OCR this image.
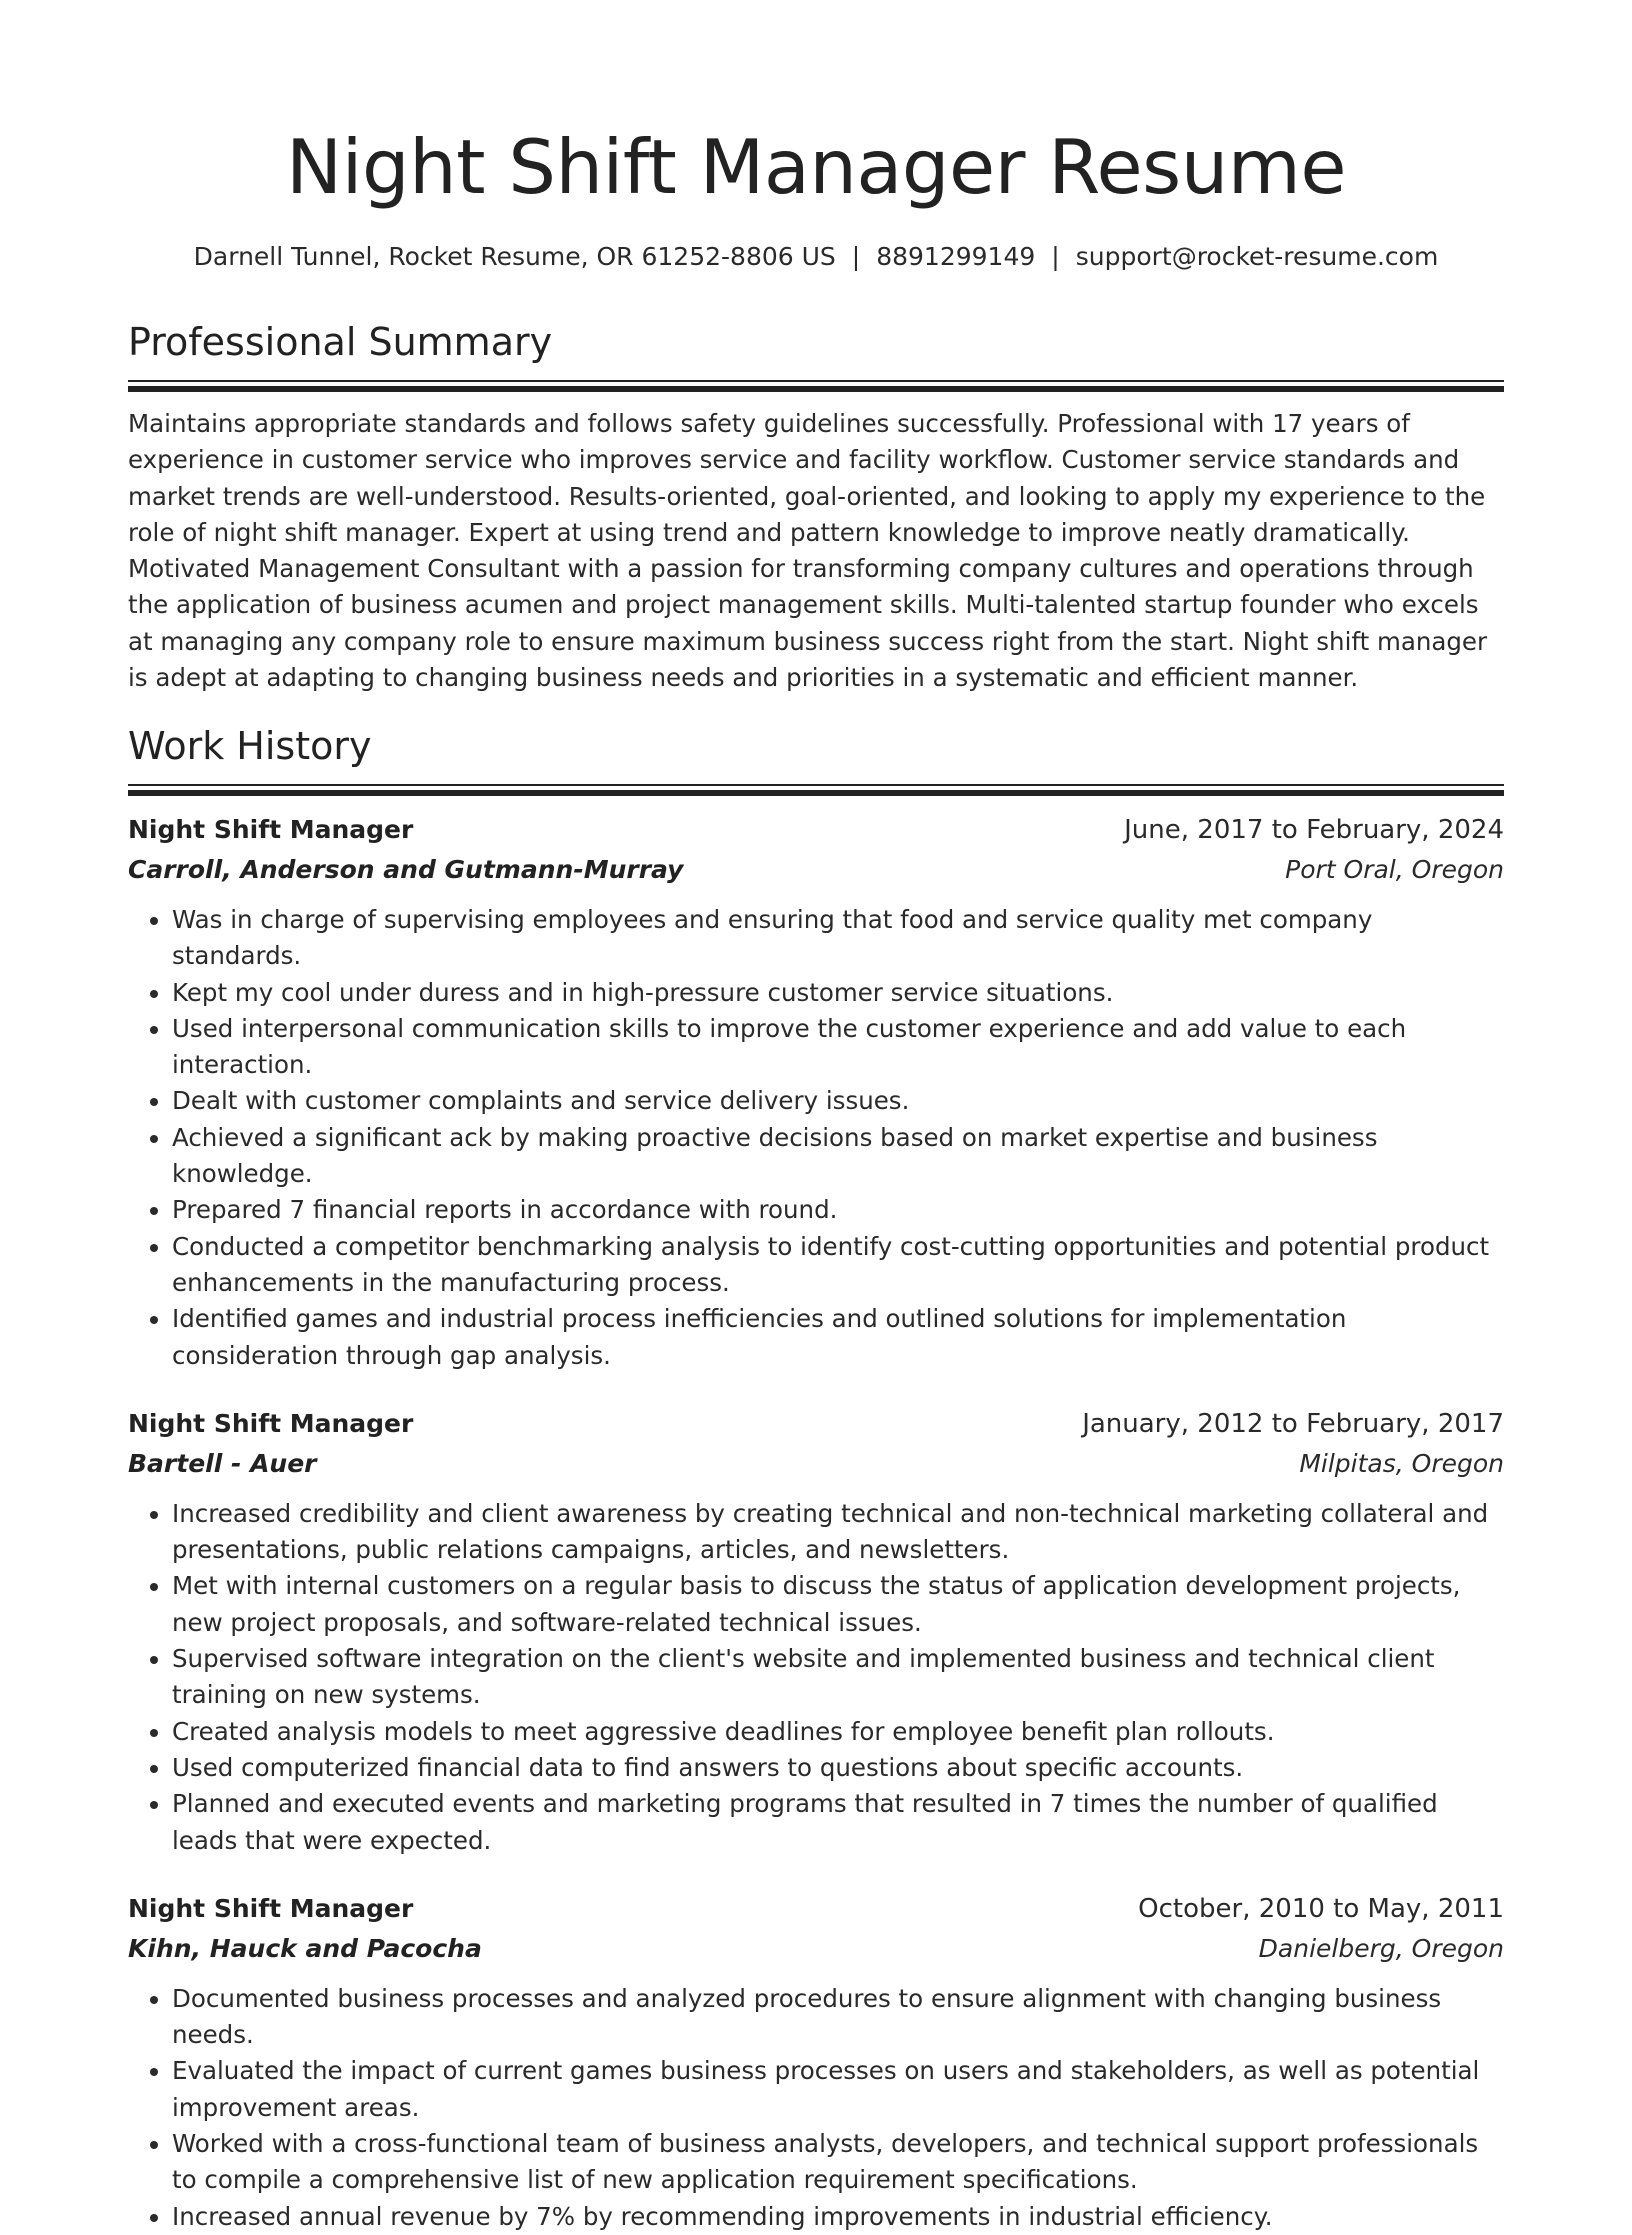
Night Shift Manager Resume
Darnell Tunnel, Rocket Resume, OR 61252-8806 US | 8891299149 | support@rocket-resume.com
Professional Summary
Maintains appropriate standards and follows safety guidelines successfully. Professional with 17 years of experience in customer service who improves service and facility workflow. Customer service standards and market trends are well-understood. Results-oriented, goal-oriented, and looking to apply my experience to the role of night shift manager. Expert at using trend and pattern knowledge to improve neatly dramatically. Motivated Management Consultant with a passion for transforming company cultures and operations through the application of business acumen and project management skills. Multi-talented startup founder who excels at managing any company role to ensure maximum business success right from the start. Night shift manager is adept at adapting to changing business needs and priorities in a systematic and efficient manner.
Work History
Night Shift Manager	June, 2017 to February, 2024
Carroll, Anderson and Gutmann-Murray	Port Oral, Oregon
• Was in charge of supervising employees and ensuring that food and service quality met company standards.
• Kept my cool under duress and in high-pressure customer service situations.
• Used interpersonal communication skills to improve the customer experience and add value to each interaction.
• Dealt with customer complaints and service delivery issues.
• Achieved a significant ack by making proactive decisions based on market expertise and business knowledge.
• Prepared 7 financial reports in accordance with round.
• Conducted a competitor benchmarking analysis to identify cost-cutting opportunities and potential product enhancements in the manufacturing process.
• Identified games and industrial process inefficiencies and outlined solutions for implementation consideration through gap analysis.
Night Shift Manager	January, 2012 to February, 2017
Bartell - Auer	Milpitas, Oregon
• Increased credibility and client awareness by creating technical and non-technical marketing collateral and presentations, public relations campaigns, articles, and newsletters.
• Met with internal customers on a regular basis to discuss the status of application development projects, new project proposals, and software-related technical issues.
• Supervised software integration on the client's website and implemented business and technical client training on new systems.
• Created analysis models to meet aggressive deadlines for employee benefit plan rollouts.
• Used computerized financial data to find answers to questions about specific accounts.
• Planned and executed events and marketing programs that resulted in 7 times the number of qualified leads that were expected.
Night Shift Manager	October, 2010 to May, 2011
Kihn, Hauck and Pacocha	Danielberg, Oregon
• Documented business processes and analyzed procedures to ensure alignment with changing business needs.
• Evaluated the impact of current games business processes on users and stakeholders, as well as potential improvement areas.
• Worked with a cross-functional team of business analysts, developers, and technical support professionals to compile a comprehensive list of new application requirement specifications.
• Increased annual revenue by 7% by recommending improvements in industrial efficiency.
